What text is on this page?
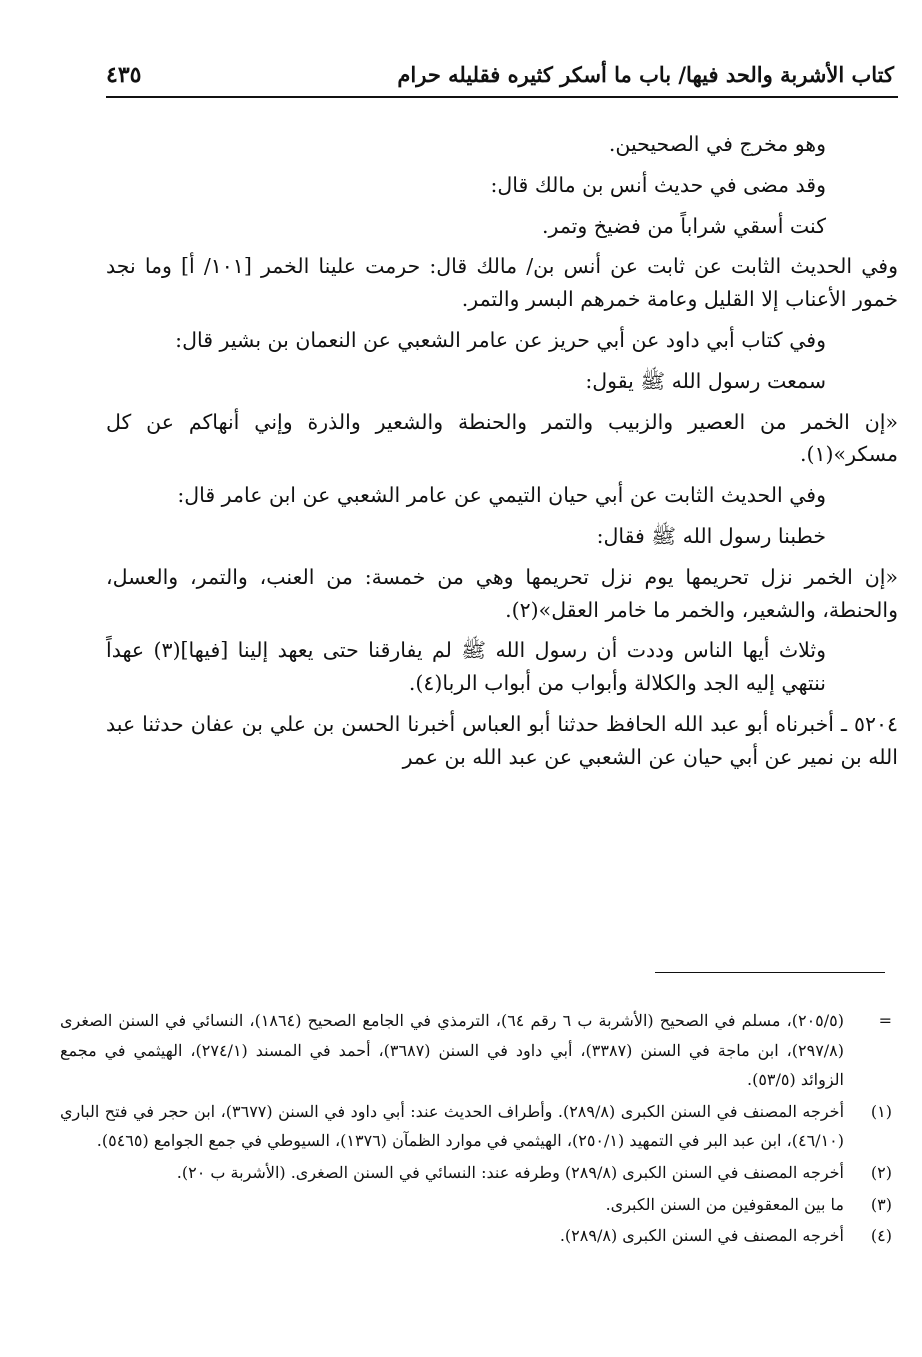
كتاب الأشربة والحد فيها/ باب ما أسكر كثيره فقليله حرام
٤٣٥

وهو مخرج في الصحيحين.

وقد مضى في حديث أنس بن مالك قال:

كنت أسقي شراباً من فضيخ وتمر.

وفي الحديث الثابت عن ثابت عن أنس بن/ مالك قال: حرمت علينا الخمر [١٠١/ أ] وما نجد خمور الأعناب إلا القليل وعامة خمرهم البسر والتمر.

وفي كتاب أبي داود عن أبي حريز عن عامر الشعبي عن النعمان بن بشير قال:

سمعت رسول الله ﷺ يقول:

«إن الخمر من العصير والزبيب والتمر والحنطة والشعير والذرة وإني أنهاكم عن كل مسكر»(١).

وفي الحديث الثابت عن أبي حيان التيمي عن عامر الشعبي عن ابن عامر قال:

خطبنا رسول الله ﷺ فقال:

«إن الخمر نزل تحريمها يوم نزل تحريمها وهي من خمسة: من العنب، والتمر، والعسل، والحنطة، والشعير، والخمر ما خامر العقل»(٢).

وثلاث أيها الناس وددت أن رسول الله ﷺ لم يفارقنا حتى يعهد إلينا [فيها](٣) عهداً ننتهي إليه الجد والكلالة وأبواب من أبواب الربا(٤).

٥٢٠٤ ـ أخبرناه أبو عبد الله الحافظ حدثنا أبو العباس أخبرنا الحسن بن علي بن عفان حدثنا عبد الله بن نمير عن أبي حيان عن الشعبي عن عبد الله بن عمر

=
(٢٠٥/٥)، مسلم في الصحيح (الأشربة ب ٦ رقم ٦٤)، الترمذي في الجامع الصحيح (١٨٦٤)، النسائي في السنن الصغرى (٢٩٧/٨)، ابن ماجة في السنن (٣٣٨٧)، أبي داود في السنن (٣٦٨٧)، أحمد في المسند (٢٧٤/١)، الهيثمي في مجمع الزوائد (٥٣/٥).
(١)
أخرجه المصنف في السنن الكبرى (٢٨٩/٨). وأطراف الحديث عند: أبي داود في السنن (٣٦٧٧)، ابن حجر في فتح الباري (٤٦/١٠)، ابن عبد البر في التمهيد (٢٥٠/١)، الهيثمي في موارد الظمآن (١٣٧٦)، السيوطي في جمع الجوامع (٥٤٦٥).
(٢)
أخرجه المصنف في السنن الكبرى (٢٨٩/٨) وطرفه عند: النسائي في السنن الصغرى. (الأشربة ب ٢٠).
(٣)
ما بين المعقوفين من السنن الكبرى.
(٤)
أخرجه المصنف في السنن الكبرى (٢٨٩/٨).
